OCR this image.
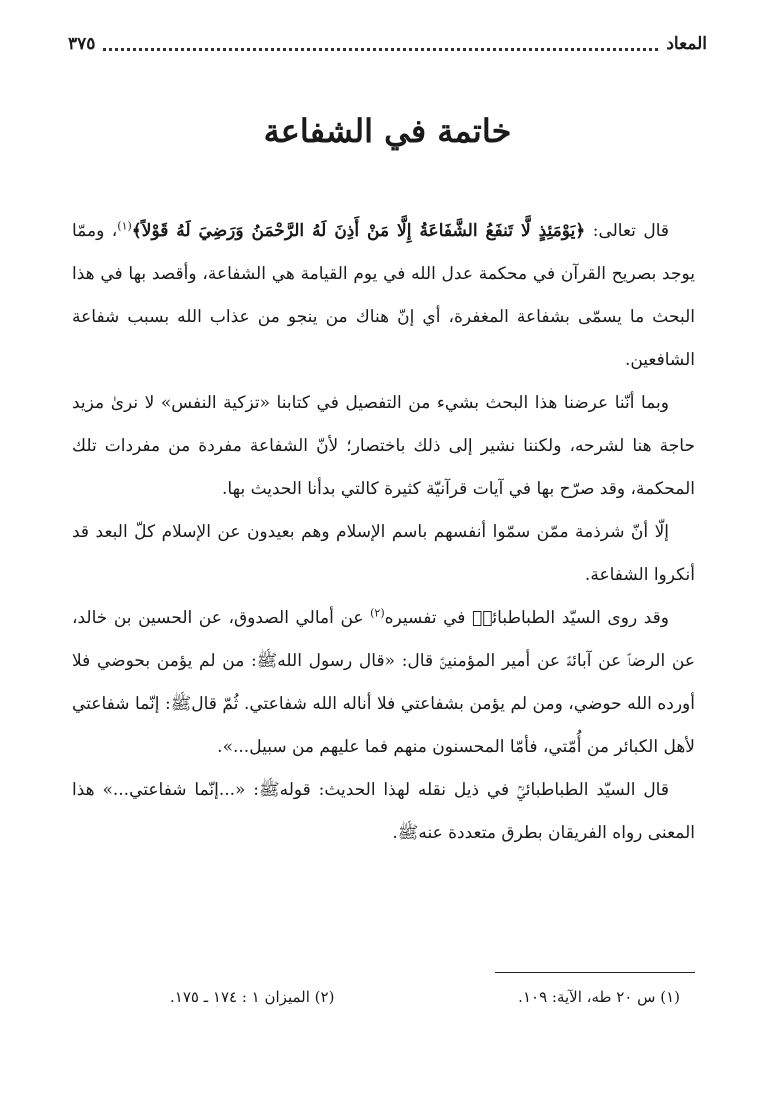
المعاد
٣٧٥
خاتمة في الشفاعة

قال تعالى: ﴿يَوْمَئِذٍ لَّا تَنفَعُ الشَّفَاعَةُ إِلَّا مَنْ أَذِنَ لَهُ الرَّحْمَنُ وَرَضِيَ لَهُ قَوْلاً﴾$^{(١)}$، وممّا يوجد بصريح القرآن في محكمة عدل الله في يوم القيامة هي الشفاعة، وأقصد بها في هذا البحث ما يسمّى بشفاعة المغفرة، أي إنّ هناك من ينجو من عذاب الله بسبب شفاعة الشافعين.

وبما أنّنا عرضنا هذا البحث بشيء من التفصيل في كتابنا «تزكية النفس» لا نرىٰ مزيد حاجة هنا لشرحه، ولكننا نشير إلى ذلك باختصار؛ لأنّ الشفاعة مفردة من مفردات تلك المحكمة، وقد صرّح بها في آيات قرآنيّة كثيرة كالتي بدأنا الحديث بها.

إلّا أنّ شرذمة ممّن سمّوا أنفسهم باسم الإسلام وهم بعيدون عن الإسلام كلّ البعد قد أنكروا الشفاعة.

وقد روى السيّد الطباطبائيؒ في تفسيره$^{(٢)}$ عن أمالي الصدوق، عن الحسين بن خالد، عن الرضاؑ عن آبائهؑ عن أمير المؤمنينؑ قال: «قال رسول اللهﷺ: من لم يؤمن بحوضي فلا أورده الله حوضي، ومن لم يؤمن بشفاعتي فلا أناله الله شفاعتي. ثُمّ قالﷺ: إنّما شفاعتي لأهل الكبائر من أُمّتي، فأمّا المحسنون منهم فما عليهم من سبيل...».

قال السيّد الطباطبائيؒ في ذيل نقله لهذا الحديث: قولهﷺ: «...إنّما شفاعتي...» هذا المعنى رواه الفريقان بطرق متعددة عنهﷺ.

(١) س ٢٠ طه، الآية: ١٠٩.
(٢) الميزان ١ : ١٧٤ ـ ١٧٥.
